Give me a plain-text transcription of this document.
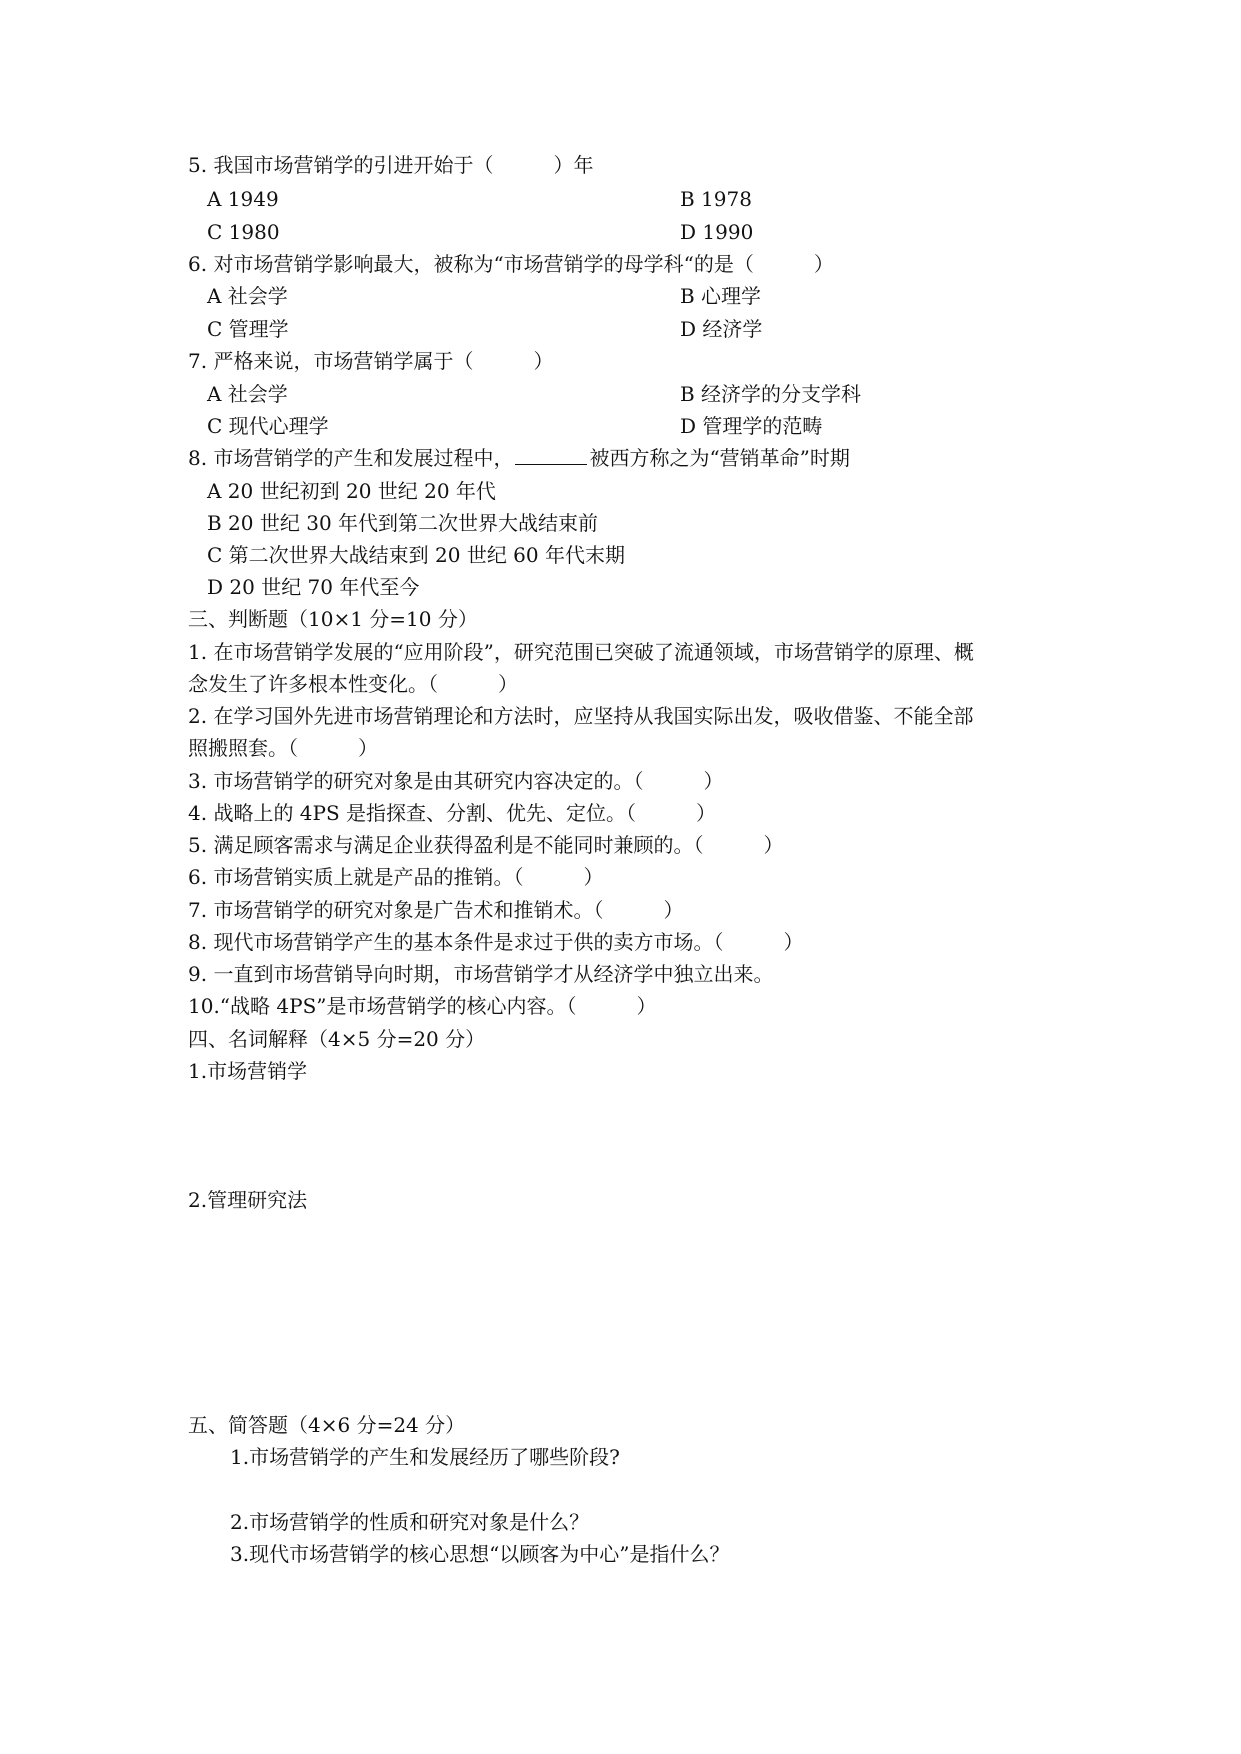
5. 我国市场营销学的引进开始于（　　　）年
A 1949	B 1978
C 1980	D 1990
6. 对市场营销学影响最大，被称为“市场营销学的母学科“的是（　　　）
A 社会学	B 心理学
C 管理学	D 经济学
7. 严格来说，市场营销学属于（　　　）
A 社会学	B 经济学的分支学科
C 现代心理学	D 管理学的范畴
8. 市场营销学的产生和发展过程中，	被西方称之为“营销革命”时期
A 20 世纪初到 20 世纪 20 年代
B 20 世纪 30 年代到第二次世界大战结束前
C 第二次世界大战结束到 20 世纪 60 年代末期
D 20 世纪 70 年代至今
三、判断题（10×1 分=10 分）
1. 在市场营销学发展的“应用阶段”，研究范围已突破了流通领域，市场营销学的原理、概
念发生了许多根本性变化。（　　　）
2. 在学习国外先进市场营销理论和方法时，应坚持从我国实际出发，吸收借鉴、不能全部
照搬照套。（　　　）
3. 市场营销学的研究对象是由其研究内容决定的。（　　　）
4. 战略上的 4PS 是指探查、分割、优先、定位。（　　　）
5. 满足顾客需求与满足企业获得盈利是不能同时兼顾的。（　　　）
6. 市场营销实质上就是产品的推销。（　　　）
7. 市场营销学的研究对象是广告术和推销术。（　　　）
8. 现代市场营销学产生的基本条件是求过于供的卖方市场。（　　　）
9. 一直到市场营销导向时期，市场营销学才从经济学中独立出来。
10.“战略 4PS”是市场营销学的核心内容。（　　　）
四、名词解释（4×5 分=20 分）
1.市场营销学
2.管理研究法
五、简答题（4×6 分=24 分）
1.市场营销学的产生和发展经历了哪些阶段?
2.市场营销学的性质和研究对象是什么？
3.现代市场营销学的核心思想“以顾客为中心”是指什么？
